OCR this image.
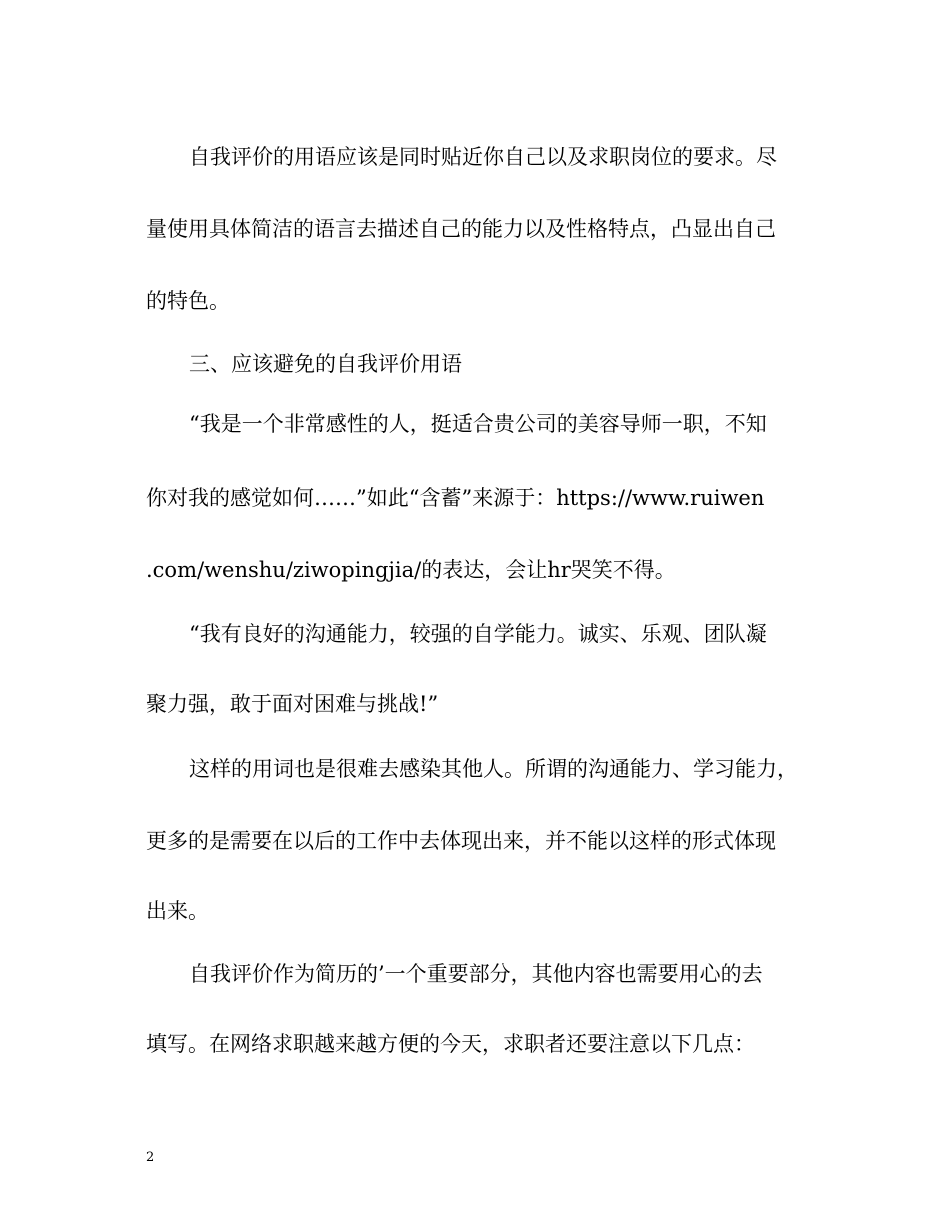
自我评价的用语应该是同时贴近你自己以及求职岗位的要求。尽
量使用具体简洁的语言去描述自己的能力以及性格特点，凸显出自己
的特色。
三、应该避免的自我评价用语
“我是一个非常感性的人，挺适合贵公司的美容导师一职，不知
你对我的感觉如何……”如此“含蓄”来源于：https://www.ruiwen
.com/wenshu/ziwopingjia/的表达，会让hr哭笑不得。
“我有良好的沟通能力，较强的自学能力。诚实、乐观、团队凝
聚力强，敢于面对困难与挑战!”
这样的用词也是很难去感染其他人。所谓的沟通能力、学习能力，
更多的是需要在以后的工作中去体现出来，并不能以这样的形式体现
出来。
自我评价作为简历的’一个重要部分，其他内容也需要用心的去
填写。在网络求职越来越方便的今天，求职者还要注意以下几点：
2
